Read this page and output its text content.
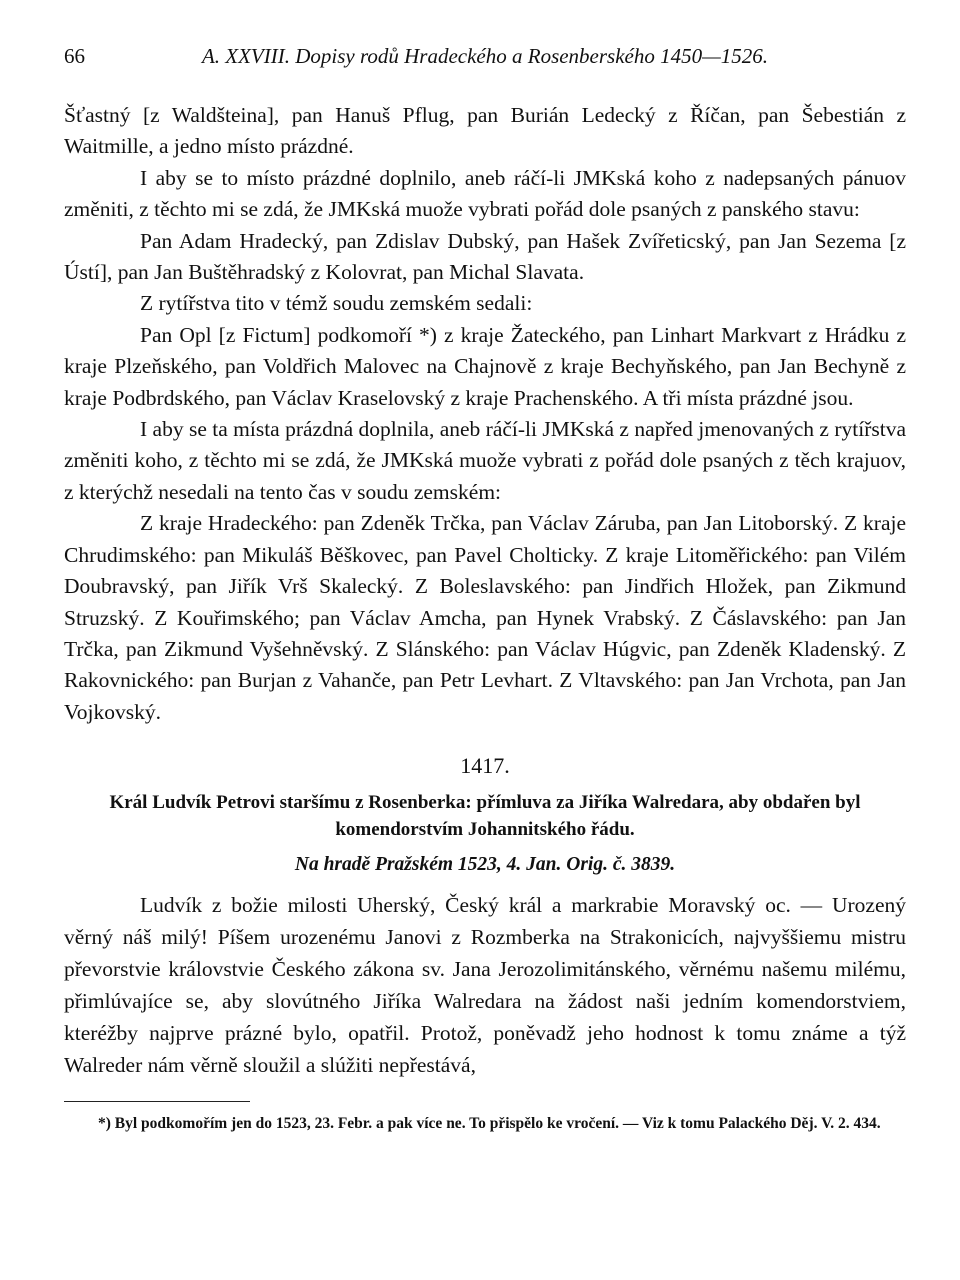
66	A. XXVIII. Dopisy rodů Hradeckého a Rosenberského 1450—1526.

Šťastný [z Waldšteina], pan Hanuš Pflug, pan Burián Ledecký z Říčan, pan Šebestián z Waitmille, a jedno místo prázdné.

I aby se to místo prázdné doplnilo, aneb ráčí-li JMKská koho z nadepsaných pánuov změniti, z těchto mi se zdá, že JMKská muože vybrati pořád dole psaných z panského stavu:

Pan Adam Hradecký, pan Zdislav Dubský, pan Hašek Zvířeticský, pan Jan Sezema [z Ústí], pan Jan Buštěhradský z Kolovrat, pan Michal Slavata.

Z rytířstva tito v témž soudu zemském sedali:

Pan Opl [z Fictum] podkomoří *) z kraje Žateckého, pan Linhart Markvart z Hrádku z kraje Plzeňského, pan Voldřich Malovec na Chajnově z kraje Bechyňského, pan Jan Bechyně z kraje Podbrdského, pan Václav Kraselovský z kraje Prachenského. A tři místa prázdné jsou.

I aby se ta místa prázdná doplnila, aneb ráčí-li JMKská z napřed jmenovaných z rytířstva změniti koho, z těchto mi se zdá, že JMKská muože vybrati z pořád dole psaných z těch krajuov, z kterýchž nesedali na tento čas v soudu zemském:

Z kraje Hradeckého: pan Zdeněk Trčka, pan Václav Záruba, pan Jan Litoborský. Z kraje Chrudimského: pan Mikuláš Běškovec, pan Pavel Cholticky. Z kraje Litoměřického: pan Vilém Doubravský, pan Jiřík Vrš Skalecký. Z Boleslavského: pan Jindřich Hložek, pan Zikmund Struzský. Z Kouřimského; pan Václav Amcha, pan Hynek Vrabský. Z Čáslavského: pan Jan Trčka, pan Zikmund Vyšehněvský. Z Slánského: pan Václav Húgvic, pan Zdeněk Kladenský. Z Rakovnického: pan Burjan z Vahanče, pan Petr Levhart. Z Vltavského: pan Jan Vrchota, pan Jan Vojkovský.

1417.

Král Ludvík Petrovi staršímu z Rosenberka: přímluva za Jiříka Walredara, aby obdařen byl komendorstvím Johannitského řádu.

Na hradě Pražském 1523, 4. Jan. Orig. č. 3839.

Ludvík z božie milosti Uherský, Český král a markrabie Moravský oc. — Urozený věrný náš milý! Píšem urozenému Janovi z Rozmberka na Strakonicích, najvyššiemu mistru převorstvie královstvie Českého zákona sv. Jana Jerozolimitánského, věrnému našemu milému, přimlúvajíce se, aby slovútného Jiříka Walredara na žádost naši jedním komendorstviem, kteréžby najprve prázné bylo, opatřil. Protož, poněvadž jeho hodnost k tomu známe a týž Walreder nám věrně sloužil a slúžiti nepřestává,

*) Byl podkomořím jen do 1523, 23. Febr. a pak více ne. To přispělo ke vročení. — Viz k tomu Palackého Děj. V. 2. 434.
